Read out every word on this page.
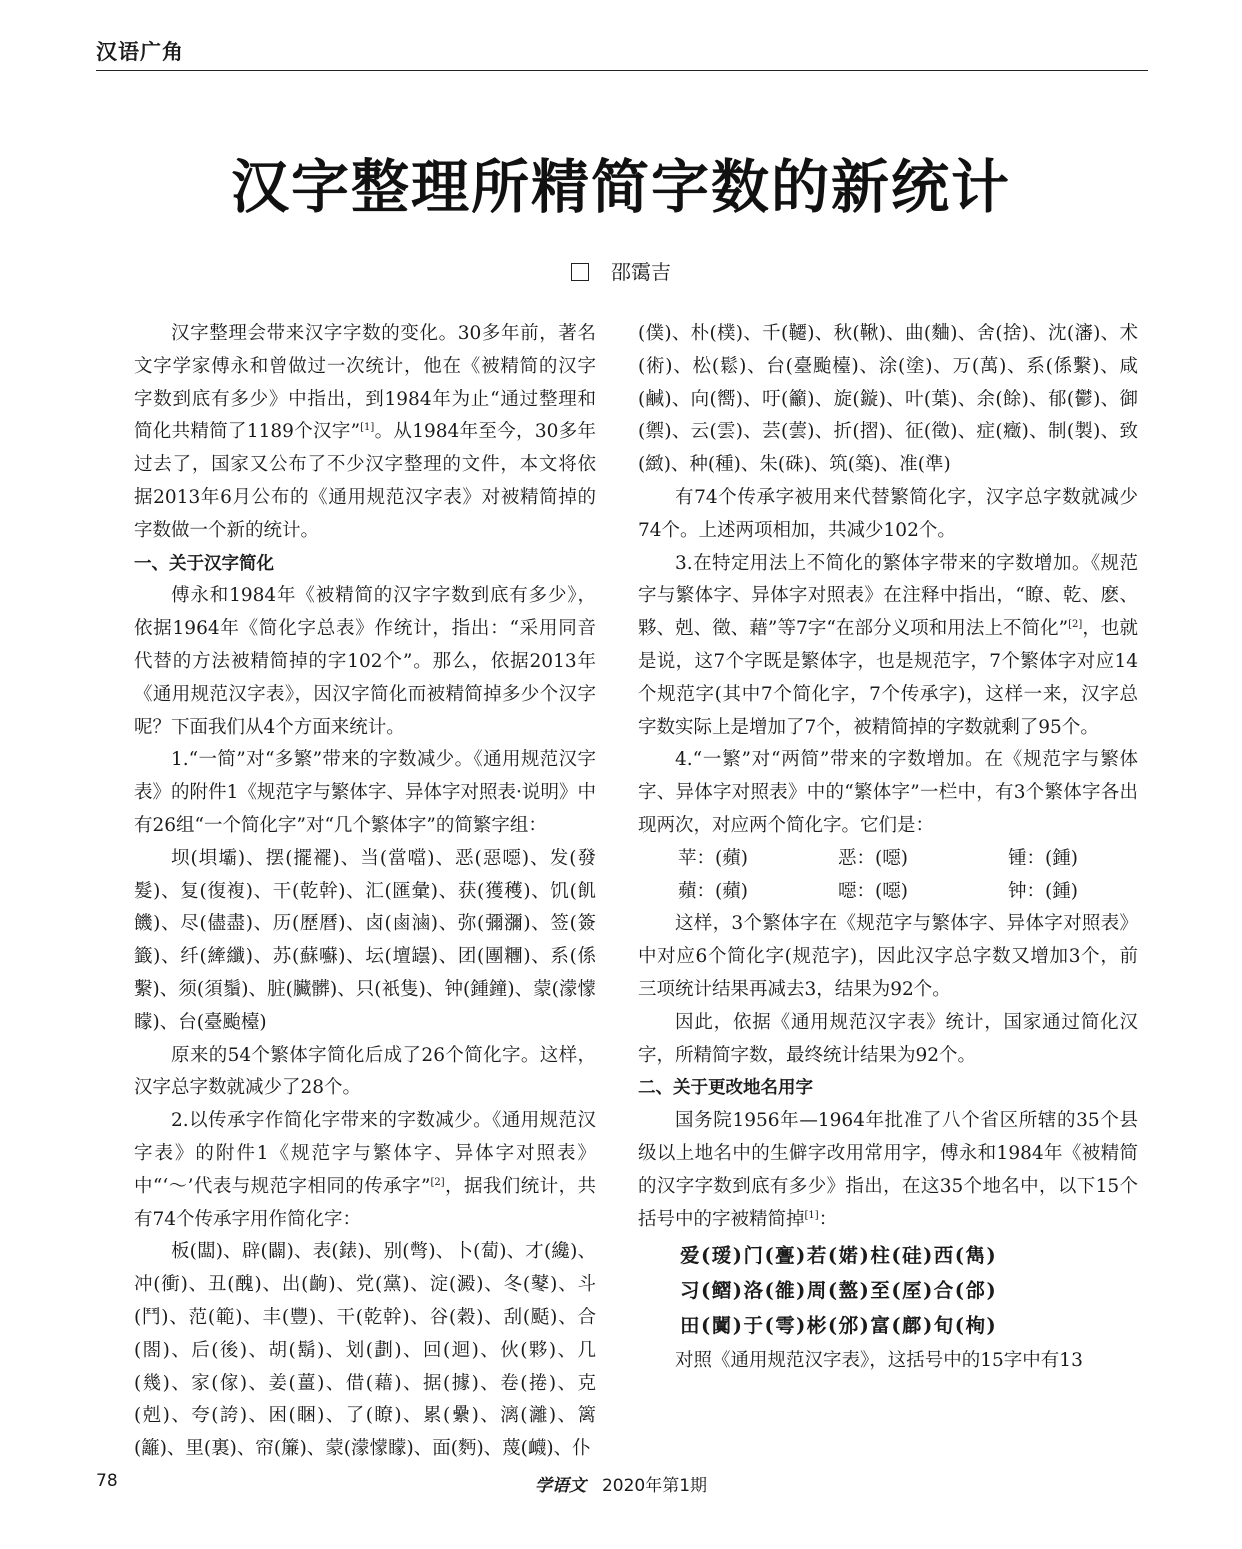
汉语广角
汉字整理所精简字数的新统计
邵霭吉

汉字整理会带来汉字字数的变化。30多年前，著名文字学家傅永和曾做过一次统计，他在《被精简的汉字字数到底有多少》中指出，到1984年为止“通过整理和简化共精简了1189个汉字”[1]。从1984年至今，30多年过去了，国家又公布了不少汉字整理的文件，本文将依据2013年6月公布的《通用规范汉字表》对被精简掉的字数做一个新的统计。

一、关于汉字简化

傅永和1984年《被精简的汉字字数到底有多少》，依据1964年《简化字总表》作统计，指出：“采用同音代替的方法被精简掉的字102个”。那么，依据2013年《通用规范汉字表》，因汉字简化而被精简掉多少个汉字呢？下面我们从4个方面来统计。

1.“一简”对“多繁”带来的字数减少。《通用规范汉字表》的附件1《规范字与繁体字、异体字对照表·说明》中有26组“一个简化字”对“几个繁体字”的简繁字组：

坝(垻壩)、摆(擺襬)、当(當噹)、恶(惡噁)、发(發髮)、复(復複)、干(乾幹)、汇(匯彙)、获(獲穫)、饥(飢饑)、尽(儘盡)、历(歷曆)、卤(鹵滷)、弥(彌瀰)、签(簽籤)、纤(縴纖)、苏(蘇囌)、坛(壇罎)、团(團糰)、系(係繫)、须(須鬚)、脏(臟髒)、只(衹隻)、钟(鍾鐘)、蒙(濛懞矇)、台(臺颱檯)

原来的54个繁体字简化后成了26个简化字。这样，汉字总字数就减少了28个。

2.以传承字作简化字带来的字数减少。《通用规范汉字表》的附件1《规范字与繁体字、异体字对照表》中“‘～’代表与规范字相同的传承字”[2]，据我们统计，共有74个传承字用作简化字：

板(闆)、辟(闢)、表(錶)、别(彆)、卜(蔔)、才(纔)、冲(衝)、丑(醜)、出(齣)、党(黨)、淀(澱)、冬(鼕)、斗(鬥)、范(範)、丰(豐)、干(乾幹)、谷(穀)、刮(颳)、合(閤)、后(後)、胡(鬍)、划(劃)、回(迴)、伙(夥)、几(幾)、家(傢)、姜(薑)、借(藉)、据(據)、卷(捲)、克(剋)、夸(誇)、困(睏)、了(瞭)、累(纍)、漓(灕)、篱(籬)、里(裏)、帘(簾)、蒙(濛懞矇)、面(麪)、蔑(衊)、仆

(僕)、朴(樸)、千(韆)、秋(鞦)、曲(麯)、舍(捨)、沈(瀋)、术(術)、松(鬆)、台(臺颱檯)、涂(塗)、万(萬)、系(係繫)、咸(鹹)、向(嚮)、吁(籲)、旋(鏇)、叶(葉)、余(餘)、郁(鬱)、御(禦)、云(雲)、芸(蕓)、折(摺)、征(徵)、症(癥)、制(製)、致(緻)、种(種)、朱(硃)、筑(築)、准(準)

有74个传承字被用来代替繁简化字，汉字总字数就减少74个。上述两项相加，共减少102个。

3.在特定用法上不简化的繁体字带来的字数增加。《规范字与繁体字、异体字对照表》在注释中指出，“瞭、乾、麽、夥、剋、徵、藉”等7字“在部分义项和用法上不简化”[2]，也就是说，这7个字既是繁体字，也是规范字，7个繁体字对应14个规范字(其中7个简化字，7个传承字)，这样一来，汉字总字数实际上是增加了7个，被精简掉的字数就剩了95个。

4.“一繁”对“两简”带来的字数增加。在《规范字与繁体字、异体字对照表》中的“繁体字”一栏中，有3个繁体字各出现两次，对应两个简化字。它们是：

苹：(蘋)	恶：(噁)	锺：(鍾)
蘋：(蘋)	噁：(噁)	钟：(鍾)

这样，3个繁体字在《规范字与繁体字、异体字对照表》中对应6个简化字(规范字)，因此汉字总字数又增加3个，前三项统计结果再减去3，结果为92个。

因此，依据《通用规范汉字表》统计，国家通过简化汉字，所精简字数，最终统计结果为92个。

二、关于更改地名用字

国务院1956年—1964年批准了八个省区所辖的35个县级以上地名中的生僻字改用常用字，傅永和1984年《被精简的汉字字数到底有多少》指出，在这35个地名中，以下15个括号中的字被精简掉[1]：

爱(瑷)门(亹)若(婼)柱(硅)西(雋)
习(鳛)洛(雒)周(盩)至(厔)合(郃)
田(闐)于(雩)彬(邠)富(鄜)旬(栒)

对照《通用规范汉字表》，这括号中的15字中有13

78	学语文 2020年第1期
